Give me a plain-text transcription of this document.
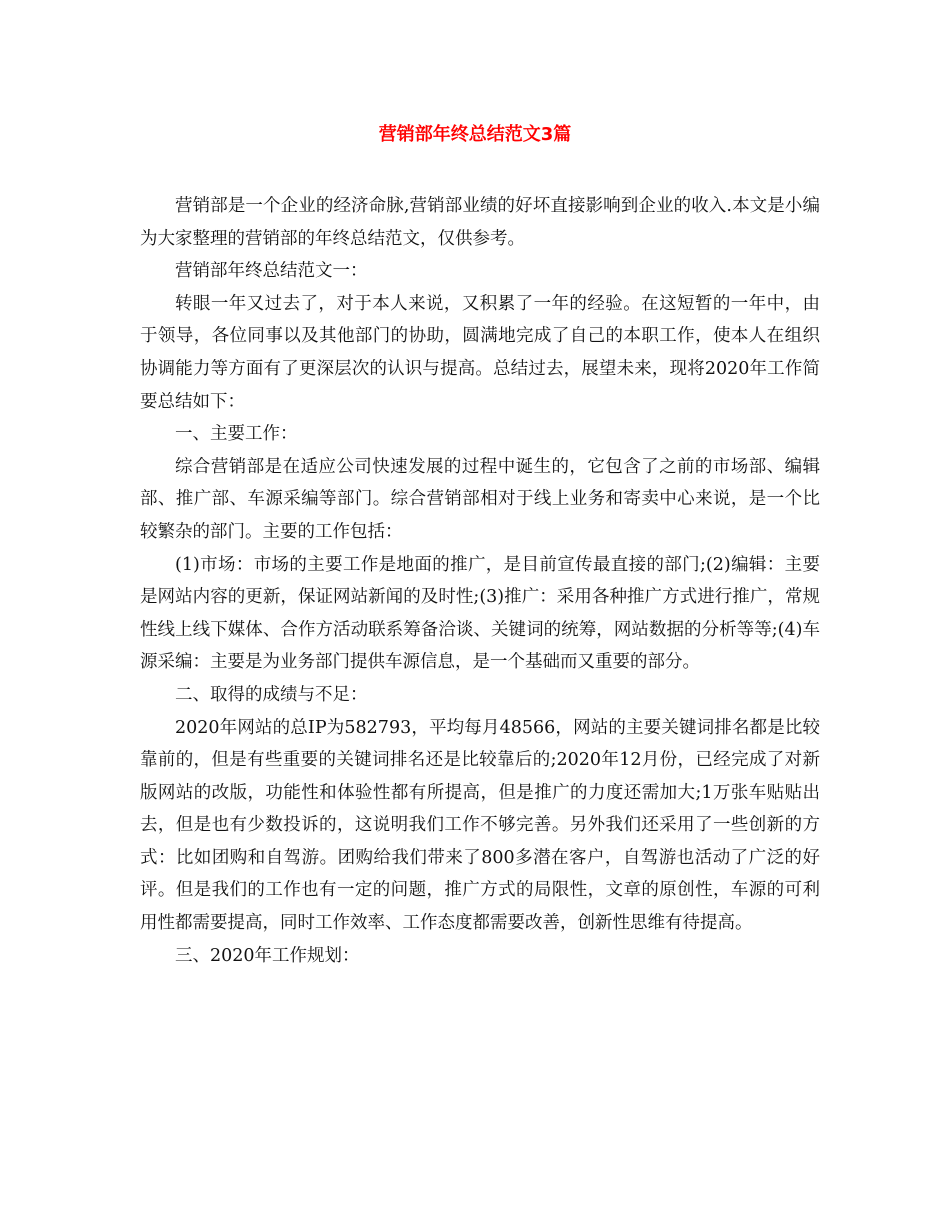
营销部年终总结范文3篇

营销部是一个企业的经济命脉,营销部业绩的好坏直接影响到企业的收入.本文是小编为大家整理的营销部的年终总结范文，仅供参考。

营销部年终总结范文一：

转眼一年又过去了，对于本人来说，又积累了一年的经验。在这短暂的一年中，由于领导，各位同事以及其他部门的协助，圆满地完成了自己的本职工作，使本人在组织协调能力等方面有了更深层次的认识与提高。总结过去，展望未来，现将2020年工作简要总结如下：

一、主要工作：

综合营销部是在适应公司快速发展的过程中诞生的，它包含了之前的市场部、编辑部、推广部、车源采编等部门。综合营销部相对于线上业务和寄卖中心来说，是一个比较繁杂的部门。主要的工作包括：

(1)市场：市场的主要工作是地面的推广，是目前宣传最直接的部门;(2)编辑：主要是网站内容的更新，保证网站新闻的及时性;(3)推广：采用各种推广方式进行推广，常规性线上线下媒体、合作方活动联系筹备洽谈、关键词的统筹，网站数据的分析等等;(4)车源采编：主要是为业务部门提供车源信息，是一个基础而又重要的部分。

二、取得的成绩与不足：

2020年网站的总IP为582793，平均每月48566，网站的主要关键词排名都是比较靠前的，但是有些重要的关键词排名还是比较靠后的;2020年12月份，已经完成了对新版网站的改版，功能性和体验性都有所提高，但是推广的力度还需加大;1万张车贴贴出去，但是也有少数投诉的，这说明我们工作不够完善。另外我们还采用了一些创新的方式：比如团购和自驾游。团购给我们带来了800多潜在客户，自驾游也活动了广泛的好评。但是我们的工作也有一定的问题，推广方式的局限性，文章的原创性，车源的可利用性都需要提高，同时工作效率、工作态度都需要改善，创新性思维有待提高。

三、2020年工作规划：
